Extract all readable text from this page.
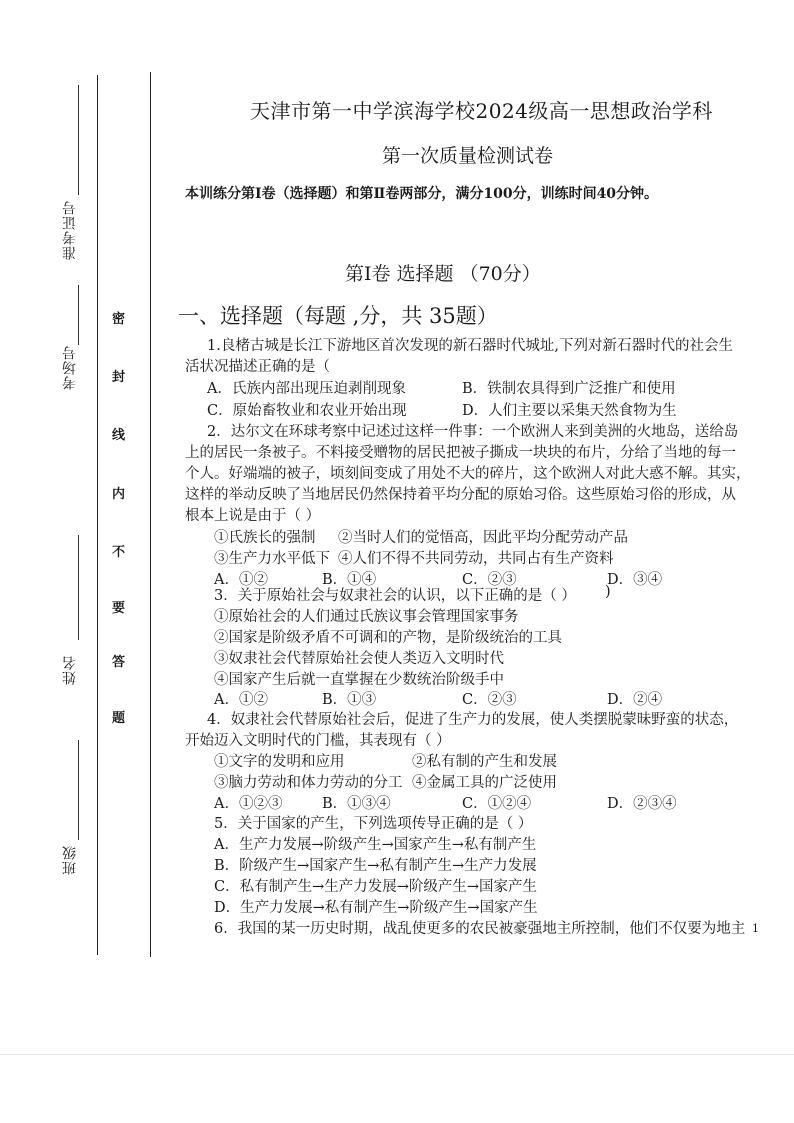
准考证号
考场号
姓名
班级
密
封
线
内
不
要
答
题
天津市第一中学滨海学校2024级高一思想政治学科
第一次质量检测试卷
本训练分第Ⅰ卷（选择题）和第Ⅱ卷两部分，满分100分，训练时间40分钟。
第Ⅰ卷 选择题 （70分）
一、选择题（每题 ,分，共 35题）
1.良楮古城是长江下游地区首次发现的新石器时代城址,下列对新石器时代的社会生
活状况描述正确的是（
A．氏族内部出现压迫剥削现象	B．铁制农具得到广泛推广和使用
C．原始畜牧业和农业开始出现	D．人们主要以采集天然食物为生
2．达尔文在环球考察中记述过这样一件事：一个欧洲人来到美洲的火地岛，送给岛
上的居民一条被子。不料接受赠物的居民把被子撕成一块块的布片，分给了当地的每一
个人。好端端的被子，顷刻间变成了用处不大的碎片，这个欧洲人对此大惑不解。其实，
这样的举动反映了当地居民仍然保持着平均分配的原始习俗。这些原始习俗的形成，从
根本上说是由于（ ）
①氏族长的强制 ②当时人们的觉悟高，因此平均分配劳动产品
③生产力水平低下 ④人们不得不共同劳动，共同占有生产资料
A．①②	B．①④	C．②③	D．③④
)
3．关于原始社会与奴隶社会的认识，以下正确的是（ ）
①原始社会的人们通过氏族议事会管理国家事务
②国家是阶级矛盾不可调和的产物，是阶级统治的工具
③奴隶社会代替原始社会使人类迈入文明时代
④国家产生后就一直掌握在少数统治阶级手中
A．①②	B．①③	C．②③	D．②④
4．奴隶社会代替原始社会后，促进了生产力的发展，使人类摆脱蒙昧野蛮的状态，
开始迈入文明时代的门槛，其表现有（ ）
①文字的发明和应用	②私有制的产生和发展
③脑力劳动和体力劳动的分工 ④金属工具的广泛使用
A．①②③	B．①③④	C．①②④	D．②③④
5．关于国家的产生，下列选项传导正确的是（ ）
A．生产力发展→阶级产生→国家产生→私有制产生
B．阶级产生→国家产生→私有制产生→生产力发展
C．私有制产生→生产力发展→阶级产生→国家产生
D．生产力发展→私有制产生→阶级产生→国家产生
6．我国的某一历史时期，战乱使更多的农民被豪强地主所控制，他们不仅要为地主 1
